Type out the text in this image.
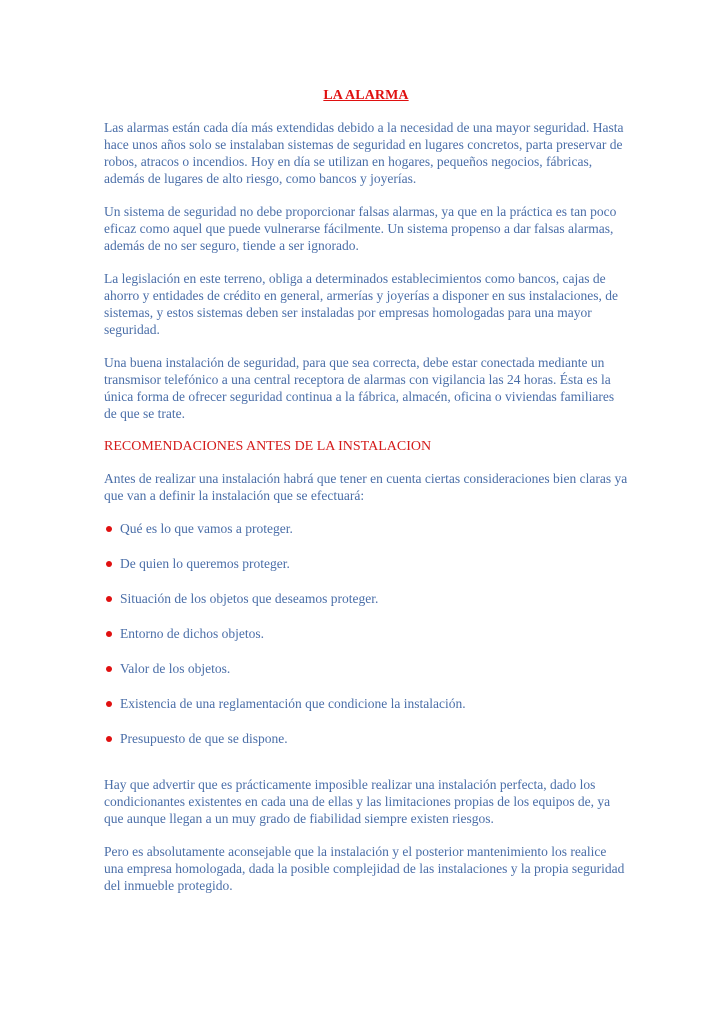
LA ALARMA

Las alarmas están cada día más extendidas debido a la necesidad de una mayor seguridad. Hasta hace unos años solo se instalaban sistemas de seguridad en lugares concretos, parta preservar de robos, atracos o incendios. Hoy en día se utilizan en hogares, pequeños negocios, fábricas, además de lugares de alto riesgo, como bancos y joyerías.

Un sistema de seguridad no debe proporcionar falsas alarmas, ya que en la práctica es tan poco eficaz como aquel que puede vulnerarse fácilmente. Un sistema propenso a dar falsas alarmas, además de no ser seguro, tiende a ser ignorado.

La legislación en este terreno, obliga a determinados establecimientos como bancos, cajas de ahorro y entidades de crédito en general, armerías y joyerías a disponer en sus instalaciones, de sistemas, y estos sistemas deben ser instaladas por empresas homologadas para una mayor seguridad.

Una buena instalación de seguridad, para que sea correcta, debe estar conectada mediante un transmisor telefónico a una central receptora de alarmas con vigilancia las 24 horas. Ésta es la única forma de ofrecer seguridad continua a la fábrica, almacén, oficina o viviendas familiares de que se trate.

RECOMENDACIONES ANTES DE LA INSTALACION

Antes de realizar una instalación habrá que tener en cuenta ciertas consideraciones bien claras ya que van a definir la instalación que se efectuará:

Qué es lo que vamos a proteger.
De quien lo queremos proteger.
Situación de los objetos que deseamos proteger.
Entorno de dichos objetos.
Valor de los objetos.
Existencia de una reglamentación que condicione la instalación.
Presupuesto de que se dispone.

Hay que advertir que es prácticamente imposible realizar una instalación perfecta, dado los condicionantes existentes en cada una de ellas y las limitaciones propias de los equipos de, ya que aunque llegan a un muy grado de fiabilidad siempre existen riesgos.

Pero es absolutamente aconsejable que la instalación y el posterior mantenimiento los realice una empresa homologada, dada la posible complejidad de las instalaciones y la propia seguridad del inmueble protegido.
